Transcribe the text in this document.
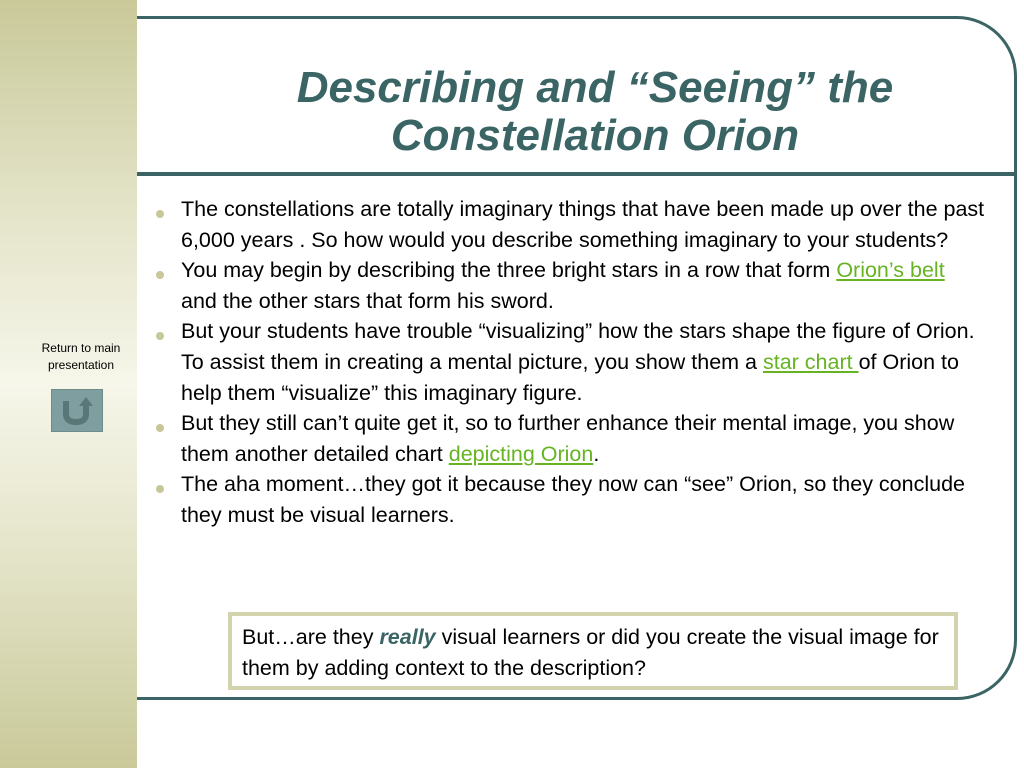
Return to main presentation
Describing and “Seeing” the
Constellation Orion
The constellations are totally imaginary things that have been made up over the past 6,000 years . So how would you describe something imaginary to your students?
You may begin by describing the three bright stars in a row that form Orion’s belt and the other stars that form his sword.
But your students have trouble “visualizing” how the stars shape the figure of Orion. To assist them in creating a mental picture, you show them a star chart of Orion to help them “visualize” this imaginary figure.
But they still can’t quite get it, so to further enhance their mental image, you show them another detailed chart depicting Orion.
The aha moment…they got it because they now can “see” Orion, so they conclude they must be visual learners.
But…are they really visual learners or did you create the visual image for them by adding context to the description?
